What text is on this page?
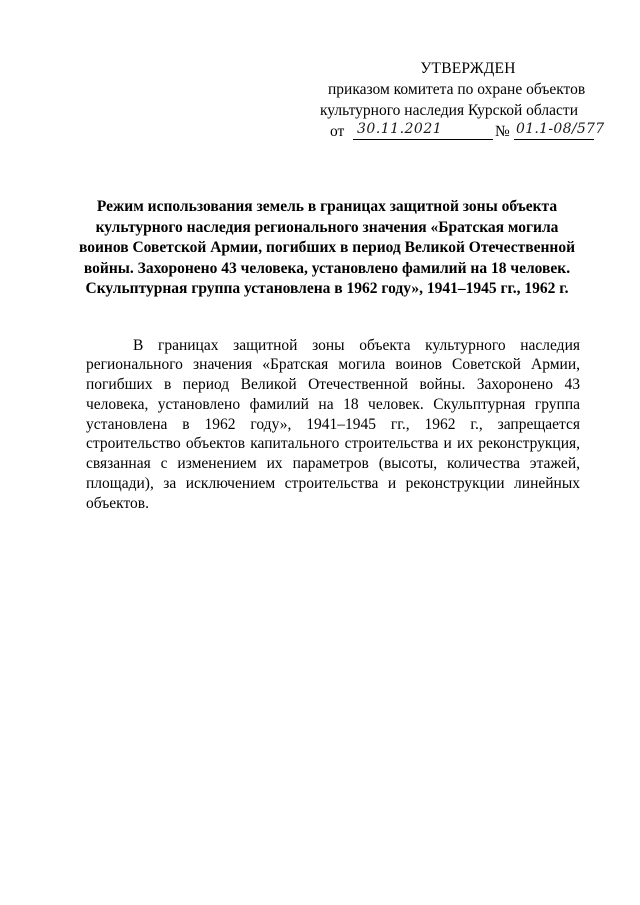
УТВЕРЖДЕН
приказом комитета по охране объектов
культурного наследия Курской области
от 30.11.2021	№ 01.1-08/577
Режим использования земель в границах защитной зоны объекта
культурного наследия регионального значения «Братская могила
воинов Советской Армии, погибших в период Великой Отечественной
войны. Захоронено 43 человека, установлено фамилий на 18 человек.
Скульптурная группа установлена в 1962 году», 1941–1945 гг., 1962 г.

В границах защитной зоны объекта культурного наследия регионального значения «Братская могила воинов Советской Армии, погибших в период Великой Отечественной войны. Захоронено 43 человека, установлено фамилий на 18 человек. Скульптурная группа установлена в 1962 году», 1941–1945 гг., 1962 г., запрещается строительство объектов капитального строительства и их реконструкция, связанная с изменением их параметров (высоты, количества этажей, площади), за исключением строительства и реконструкции линейных объектов.
